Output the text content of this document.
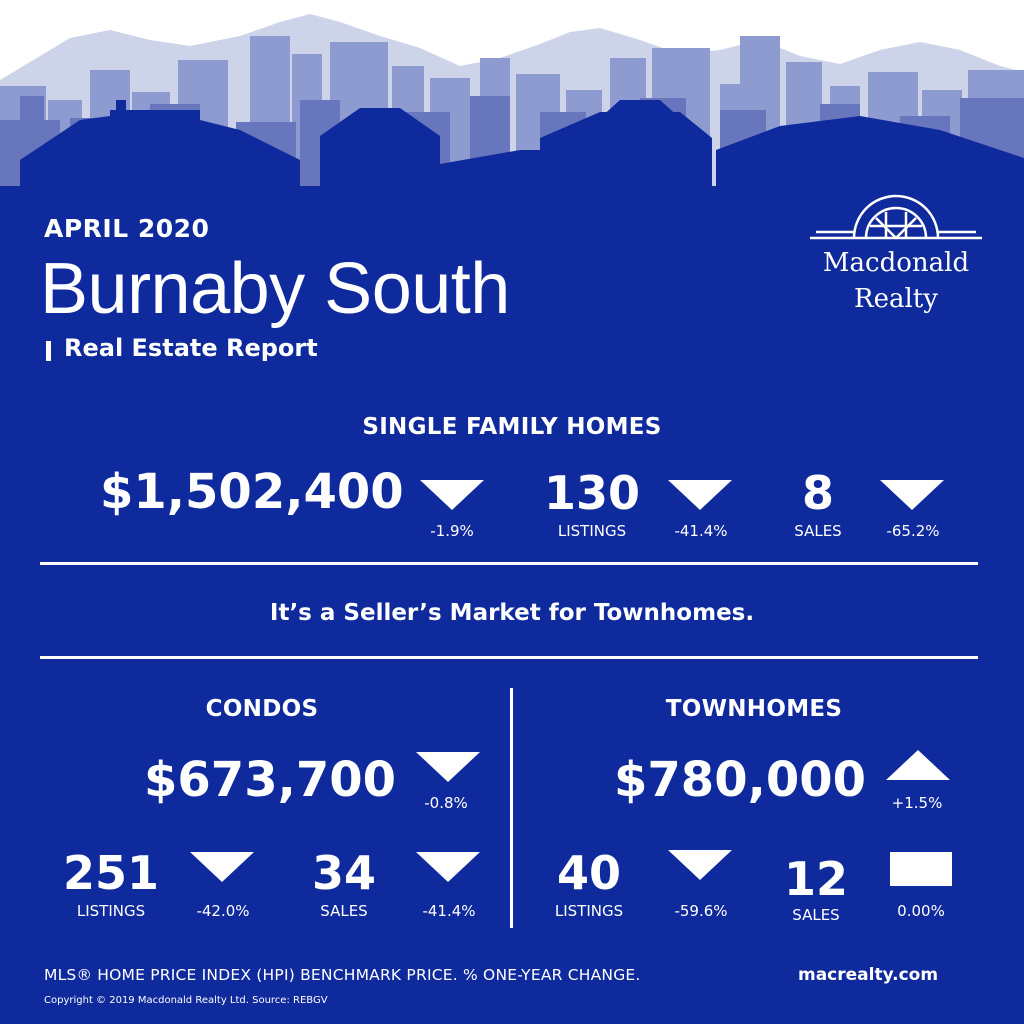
APRIL 2020
Burnaby South
Real Estate Report
Macdonald
Realty
SINGLE FAMILY HOMES
$1,502,400
-1.9%
130
LISTINGS	-41.4%
8
SALES	-65.2%
It’s a Seller’s Market for Townhomes.
CONDOS
$673,700	-0.8%
251
LISTINGS	-42.0%
34
SALES	-41.4%
TOWNHOMES
$780,000	+1.5%
40
LISTINGS	-59.6%
12
SALES	0.00%
MLS® HOME PRICE INDEX (HPI) BENCHMARK PRICE. % ONE-YEAR CHANGE.	macrealty.com
Copyright © 2019 Macdonald Realty Ltd. Source: REBGV
